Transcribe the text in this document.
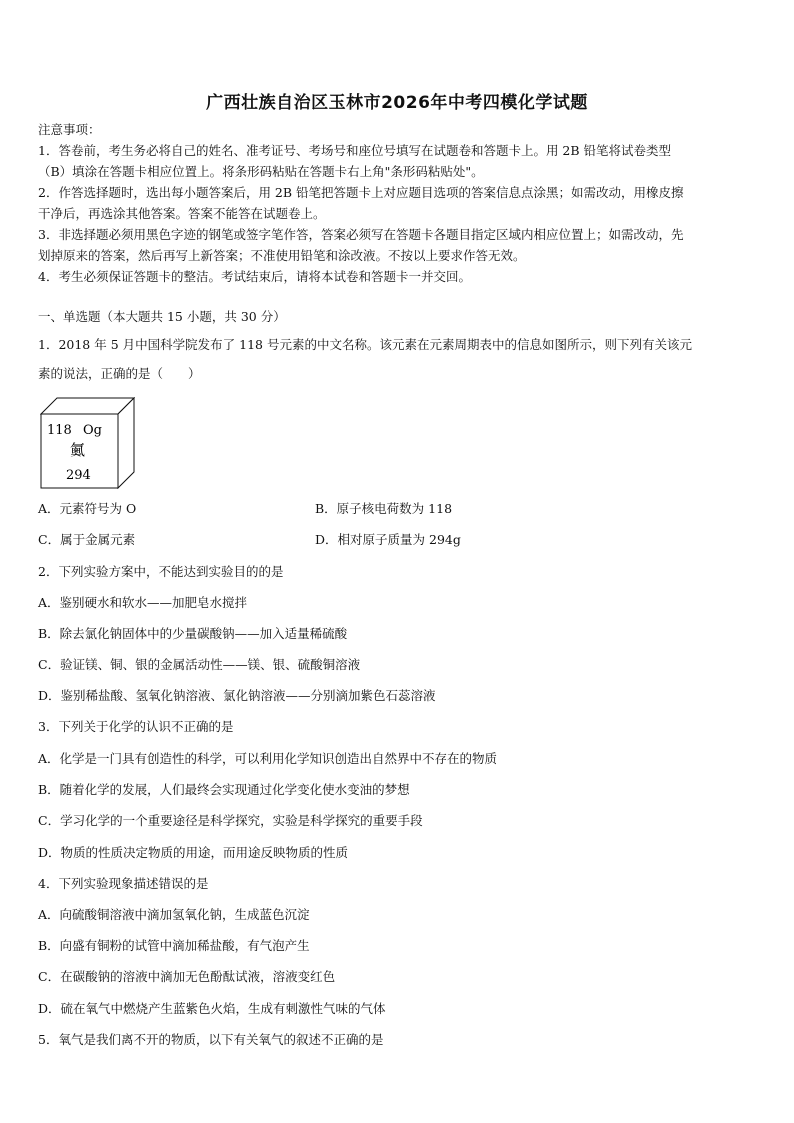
广西壮族自治区玉林市2026年中考四模化学试题
注意事项：
1．答卷前，考生务必将自己的姓名、准考证号、考场号和座位号填写在试题卷和答题卡上。用 2B 铅笔将试卷类型
（B）填涂在答题卡相应位置上。将条形码粘贴在答题卡右上角"条形码粘贴处"。
2．作答选择题时，选出每小题答案后，用 2B 铅笔把答题卡上对应题目选项的答案信息点涂黑；如需改动，用橡皮擦
干净后，再选涂其他答案。答案不能答在试题卷上。
3．非选择题必须用黑色字迹的钢笔或签字笔作答，答案必须写在答题卡各题目指定区域内相应位置上；如需改动，先
划掉原来的答案，然后再写上新答案；不准使用铅笔和涂改液。不按以上要求作答无效。
4．考生必须保证答题卡的整洁。考试结束后，请将本试卷和答题卡一并交回。
一、单选题（本大题共 15 小题，共 30 分）
1．2018 年 5 月中国科学院发布了 118 号元素的中文名称。该元素在元素周期表中的信息如图所示，则下列有关该元
素的说法，正确的是（　　）
118 Og
鿫
294
A．元素符号为 O	B．原子核电荷数为 118
C．属于金属元素	D．相对原子质量为 294g
2．下列实验方案中，不能达到实验目的的是
A．鉴别硬水和软水——加肥皂水搅拌
B．除去氯化钠固体中的少量碳酸钠——加入适量稀硫酸
C．验证镁、铜、银的金属活动性——镁、银、硫酸铜溶液
D．鉴别稀盐酸、氢氧化钠溶液、氯化钠溶液——分别滴加紫色石蕊溶液
3．下列关于化学的认识不正确的是
A．化学是一门具有创造性的科学，可以利用化学知识创造出自然界中不存在的物质
B．随着化学的发展，人们最终会实现通过化学变化使水变油的梦想
C．学习化学的一个重要途径是科学探究，实验是科学探究的重要手段
D．物质的性质决定物质的用途，而用途反映物质的性质
4．下列实验现象描述错误的是
A．向硫酸铜溶液中滴加氢氧化钠，生成蓝色沉淀
B．向盛有铜粉的试管中滴加稀盐酸，有气泡产生
C．在碳酸钠的溶液中滴加无色酚酞试液，溶液变红色
D．硫在氧气中燃烧产生蓝紫色火焰，生成有刺激性气味的气体
5．氧气是我们离不开的物质，以下有关氧气的叙述不正确的是
